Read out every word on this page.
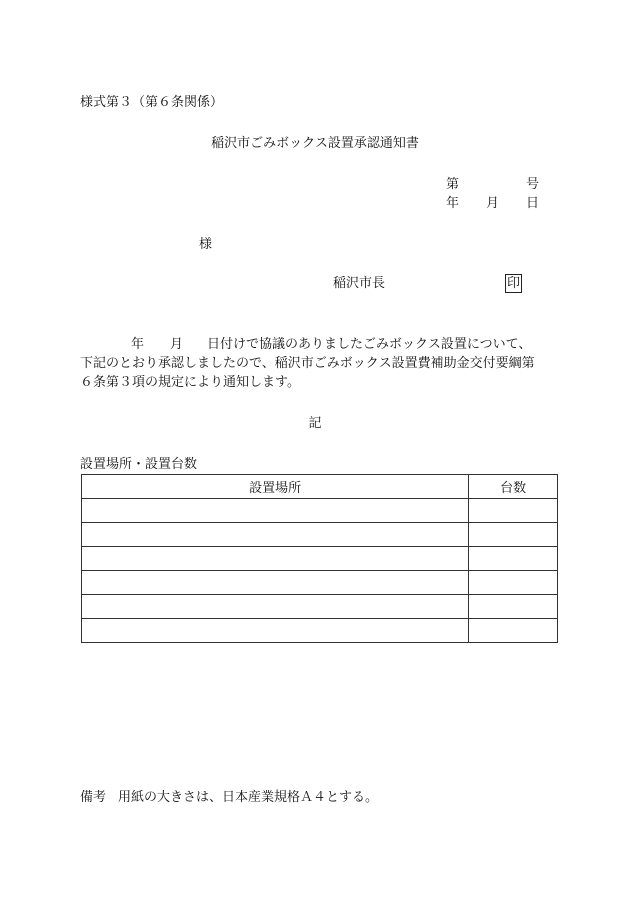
様式第３（第６条関係）
稲沢市ごみボックス設置承認通知書
第	号
年 月 日
様
稲沢市長	印
年 月 日付けで協議のありましたごみボックス設置について、
下記のとおり承認しましたので、稲沢市ごみボックス設置費補助金交付要綱第
６条第３項の規定により通知します。
記
設置場所・設置台数
設置場所	台数

備考 用紙の大きさは、日本産業規格Ａ４とする。
